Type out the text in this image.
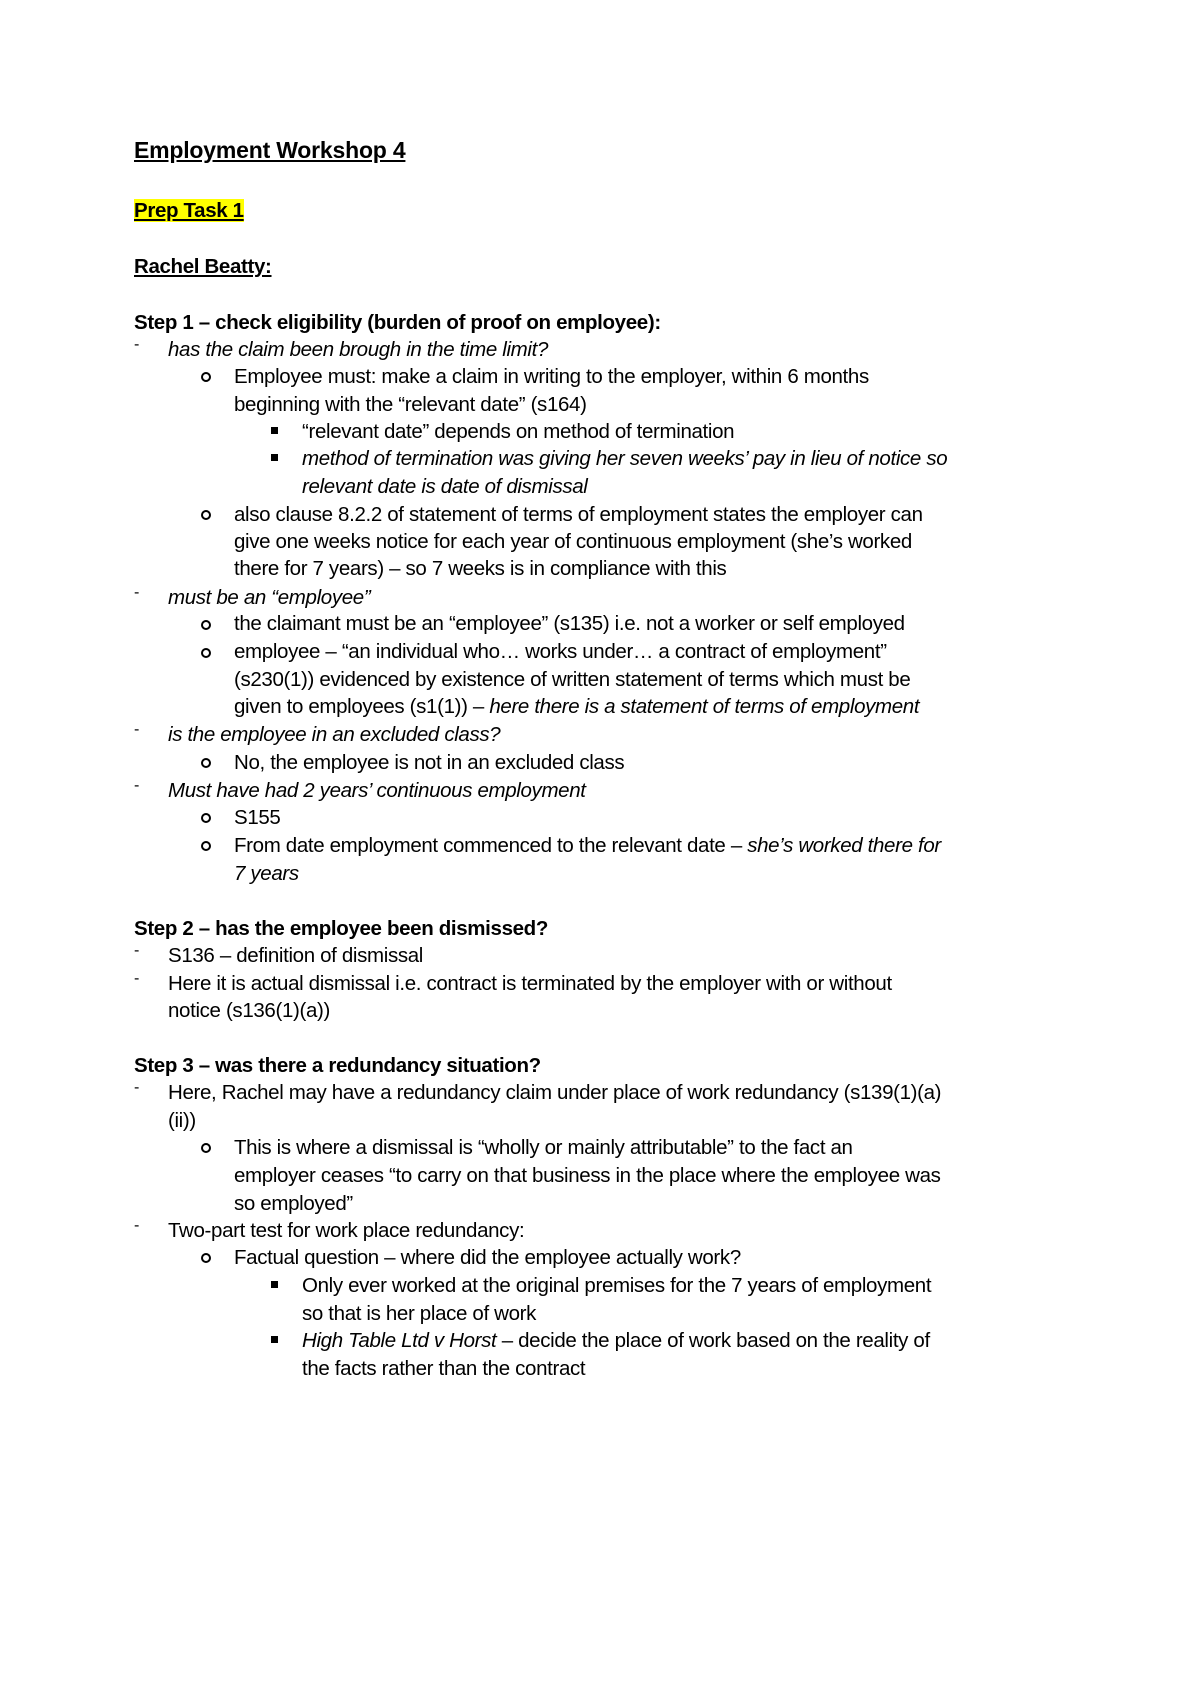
Employment Workshop 4
Prep Task 1
Rachel Beatty:
Step 1 – check eligibility (burden of proof on employee):
-	has the claim been brough in the time limit?
Employee must: make a claim in writing to the employer, within 6 months
beginning with the “relevant date” (s164)
“relevant date” depends on method of termination
method of termination was giving her seven weeks’ pay in lieu of notice so
relevant date is date of dismissal
also clause 8.2.2 of statement of terms of employment states the employer can
give one weeks notice for each year of continuous employment (she’s worked
there for 7 years) – so 7 weeks is in compliance with this
-	must be an “employee”
the claimant must be an “employee” (s135) i.e. not a worker or self employed
employee – “an individual who… works under… a contract of employment”
(s230(1)) evidenced by existence of written statement of terms which must be
given to employees (s1(1)) – here there is a statement of terms of employment
-	is the employee in an excluded class?
No, the employee is not in an excluded class
-	Must have had 2 years’ continuous employment
S155
From date employment commenced to the relevant date – she’s worked there for
7 years
Step 2 – has the employee been dismissed?
-	S136 – definition of dismissal
-	Here it is actual dismissal i.e. contract is terminated by the employer with or without
notice (s136(1)(a))
Step 3 – was there a redundancy situation?
-	Here, Rachel may have a redundancy claim under place of work redundancy (s139(1)(a)
(ii))
This is where a dismissal is “wholly or mainly attributable” to the fact an
employer ceases “to carry on that business in the place where the employee was
so employed”
-	Two-part test for work place redundancy:
Factual question – where did the employee actually work?
Only ever worked at the original premises for the 7 years of employment
so that is her place of work
High Table Ltd v Horst – decide the place of work based on the reality of
the facts rather than the contract
